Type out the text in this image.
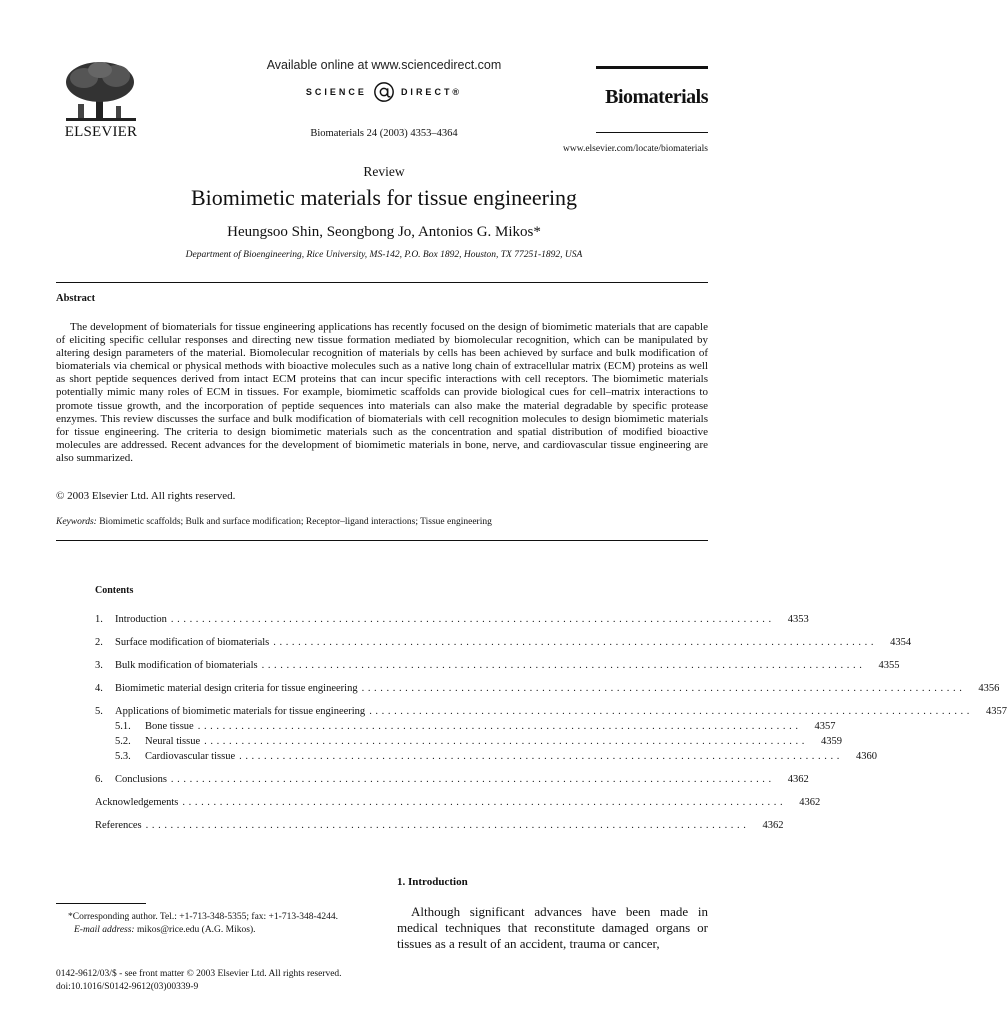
ELSEVIER
Available online at www.sciencedirect.com
SCIENCE	DIRECT®
Biomaterials 24 (2003) 4353–4364
Biomaterials
www.elsevier.com/locate/biomaterials
Review
Biomimetic materials for tissue engineering
Heungsoo Shin, Seongbong Jo, Antonios G. Mikos*
Department of Bioengineering, Rice University, MS-142, P.O. Box 1892, Houston, TX 77251-1892, USA
Abstract
The development of biomaterials for tissue engineering applications has recently focused on the design of biomimetic materials that are capable of eliciting specific cellular responses and directing new tissue formation mediated by biomolecular recognition, which can be manipulated by altering design parameters of the material. Biomolecular recognition of materials by cells has been achieved by surface and bulk modification of biomaterials via chemical or physical methods with bioactive molecules such as a native long chain of extracellular matrix (ECM) proteins as well as short peptide sequences derived from intact ECM proteins that can incur specific interactions with cell receptors. The biomimetic materials potentially mimic many roles of ECM in tissues. For example, biomimetic scaffolds can provide biological cues for cell–matrix interactions to promote tissue growth, and the incorporation of peptide sequences into materials can also make the material degradable by specific protease enzymes. This review discusses the surface and bulk modification of biomaterials with cell recognition molecules to design biomimetic materials for tissue engineering. The criteria to design biomimetic materials such as the concentration and spatial distribution of modified bioactive molecules are addressed. Recent advances for the development of biomimetic materials in bone, nerve, and cardiovascular tissue engineering are also summarized.
© 2003 Elsevier Ltd. All rights reserved.
Keywords: Biomimetic scaffolds; Bulk and surface modification; Receptor–ligand interactions; Tissue engineering
Contents
1.	Introduction .................................................................................................	4353
2.	Surface modification of biomaterials .................................................................................................	4354
3.	Bulk modification of biomaterials .................................................................................................	4355
4.	Biomimetic material design criteria for tissue engineering .................................................................................................	4356
5.	Applications of biomimetic materials for tissue engineering .................................................................................................	4357
5.1.	Bone tissue .................................................................................................	4357
5.2.	Neural tissue .................................................................................................	4359
5.3.	Cardiovascular tissue .................................................................................................	4360
6.	Conclusions .................................................................................................	4362
Acknowledgements .................................................................................................	4362
References .................................................................................................	4362
1. Introduction
Although significant advances have been made in medical techniques that reconstitute damaged organs or tissues as a result of an accident, trauma or cancer,
*Corresponding author. Tel.: +1-713-348-5355; fax: +1-713-348-4244.
E-mail address: mikos@rice.edu (A.G. Mikos).
0142-9612/03/$ - see front matter © 2003 Elsevier Ltd. All rights reserved.
doi:10.1016/S0142-9612(03)00339-9
